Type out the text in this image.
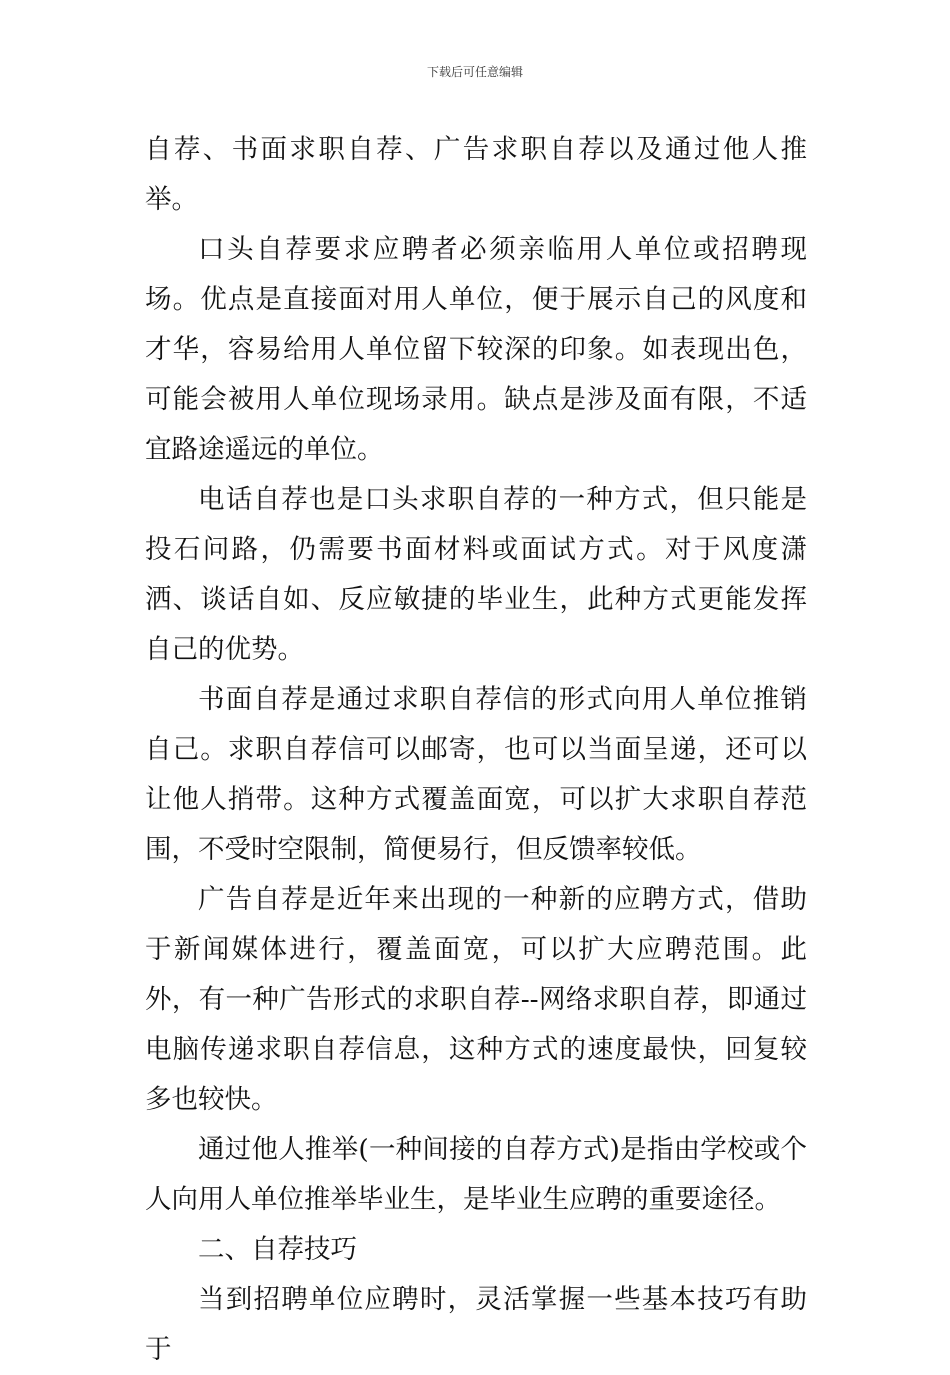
下载后可任意编辑

自荐、书面求职自荐、广告求职自荐以及通过他人推举。

口头自荐要求应聘者必须亲临用人单位或招聘现场。优点是直接面对用人单位，便于展示自己的风度和才华，容易给用人单位留下较深的印象。如表现出色，可能会被用人单位现场录用。缺点是涉及面有限，不适宜路途遥远的单位。

电话自荐也是口头求职自荐的一种方式，但只能是投石问路，仍需要书面材料或面试方式。对于风度潇洒、谈话自如、反应敏捷的毕业生，此种方式更能发挥自己的优势。

书面自荐是通过求职自荐信的形式向用人单位推销自己。求职自荐信可以邮寄，也可以当面呈递，还可以让他人捎带。这种方式覆盖面宽，可以扩大求职自荐范围，不受时空限制，简便易行，但反馈率较低。

广告自荐是近年来出现的一种新的应聘方式，借助于新闻媒体进行，覆盖面宽，可以扩大应聘范围。此外，有一种广告形式的求职自荐--网络求职自荐，即通过电脑传递求职自荐信息，这种方式的速度最快，回复较多也较快。

通过他人推举(一种间接的自荐方式)是指由学校或个人向用人单位推举毕业生，是毕业生应聘的重要途径。

二、自荐技巧

当到招聘单位应聘时，灵活掌握一些基本技巧有助于
